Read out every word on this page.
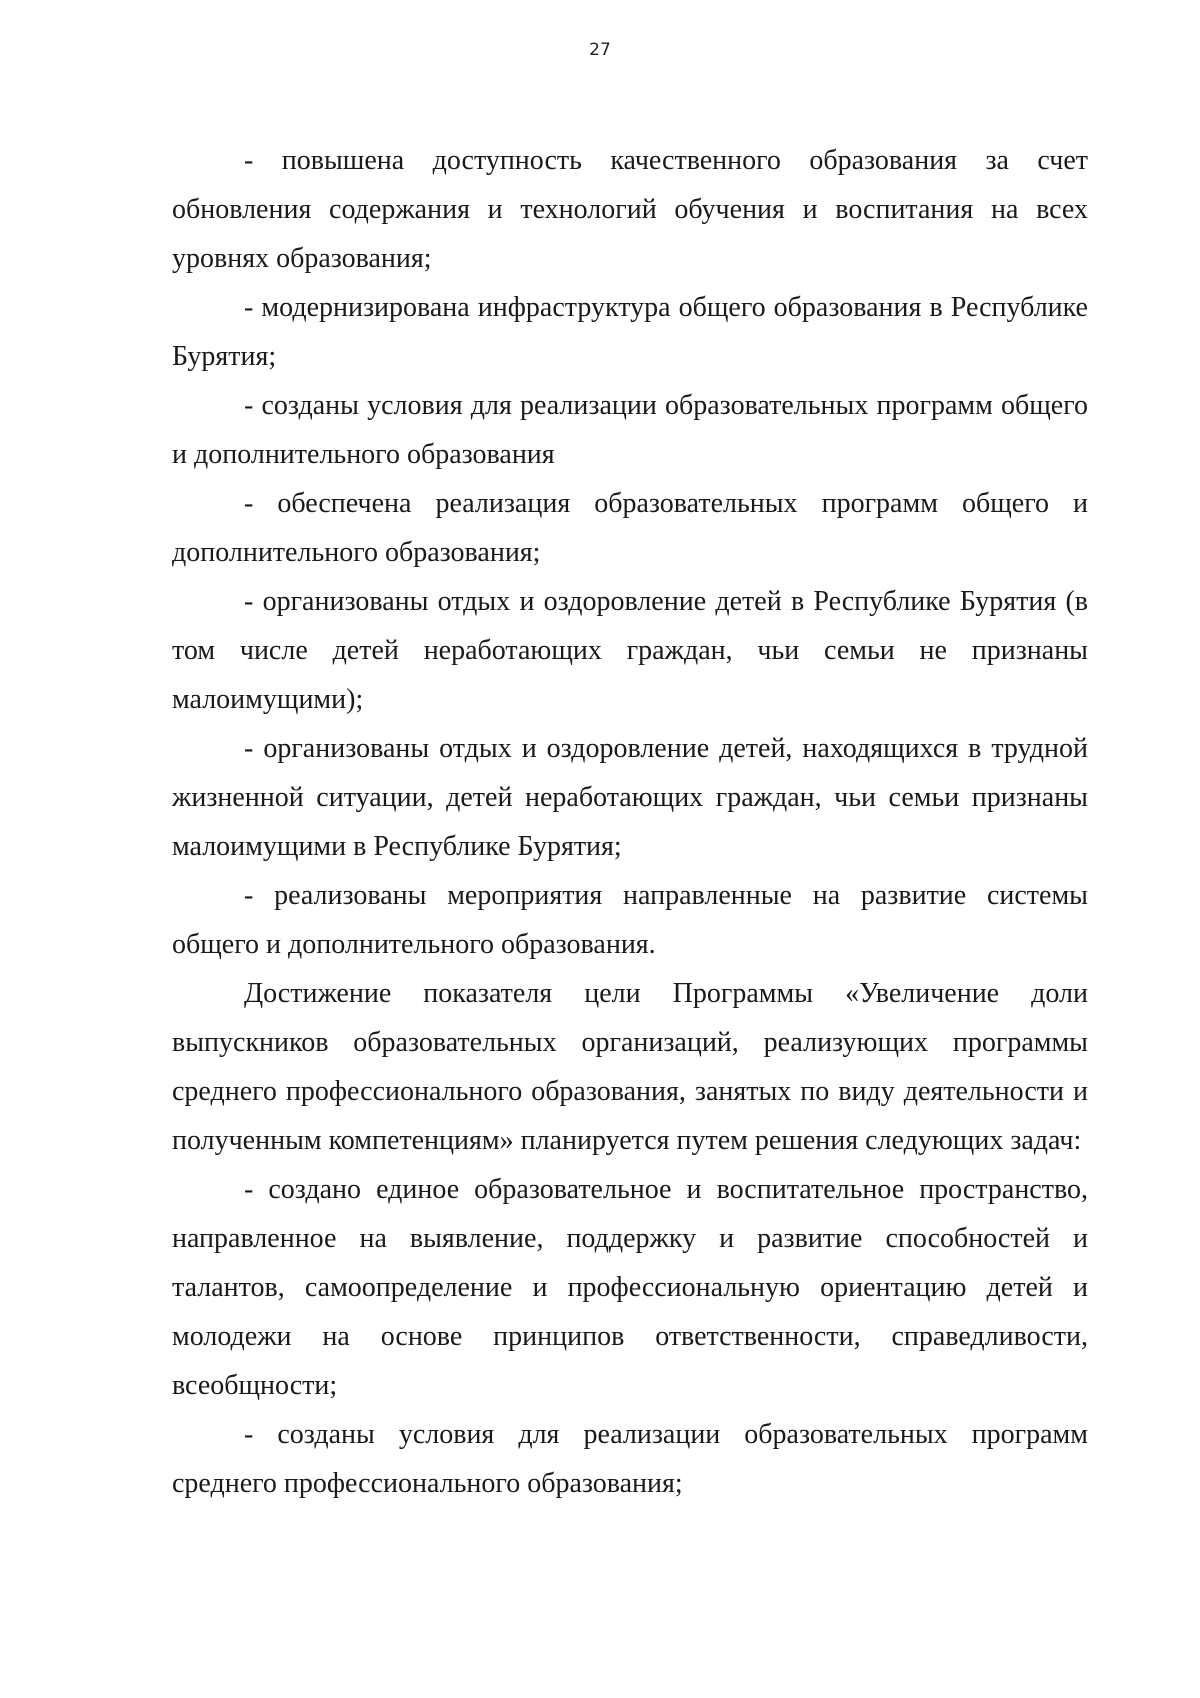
27

- повышена доступность качественного образования за счет обновления содержания и технологий обучения и воспитания на всех уровнях образования;

- модернизирована инфраструктура общего образования в Республике Бурятия;

- созданы условия для реализации образовательных программ общего и дополнительного образования

- обеспечена реализация образовательных программ общего и дополнительного образования;

- организованы отдых и оздоровление детей в Республике Бурятия (в том числе детей неработающих граждан, чьи семьи не признаны малоимущими);

- организованы отдых и оздоровление детей, находящихся в трудной жизненной ситуации, детей неработающих граждан, чьи семьи признаны малоимущими в Республике Бурятия;

- реализованы мероприятия направленные на развитие системы общего и дополнительного образования.

Достижение показателя цели Программы «Увеличение доли выпускников образовательных организаций, реализующих программы среднего профессионального образования, занятых по виду деятельности и полученным компетенциям» планируется путем решения следующих задач:

- создано единое образовательное и воспитательное пространство, направленное на выявление, поддержку и развитие способностей и талантов, самоопределение и профессиональную ориентацию детей и молодежи на основе принципов ответственности, справедливости, всеобщности;

- созданы условия для реализации образовательных программ среднего профессионального образования;
